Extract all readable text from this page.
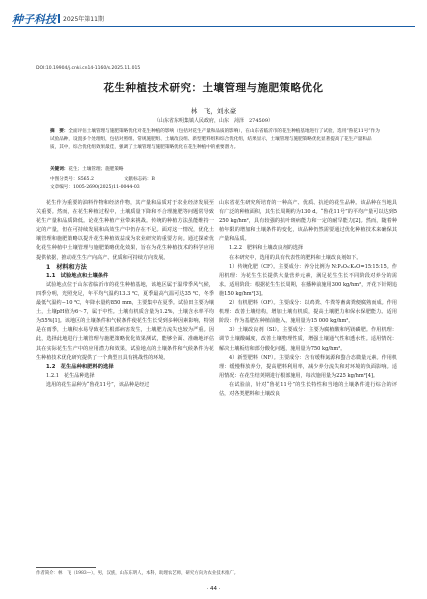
种子科技 2025年第11期
DOI:10.19904/j.cnki.cn14-1160/s.2025.11.015
花生种植技术研究：土壤管理与施肥策略优化
林　飞，刘永豪
（山东省东明集镇人民政府，山东　菏泽　274509）
摘　要：全面评估土壤管理与施肥策略优化对花生种植的影响（包括对花生产量和品质的影响），在山东省临沂市的花生种植基地进行了试验，选用“鲁花11号”作为试验品种，设置多个处理组，包括对照组、常规施肥组、土壤改良组、新型肥料组和综合优化组，结果显示，土壤管理与施肥策略优化显著提高了花生产量和品质，其中，综合优化组效果最佳，强调了土壤管理与施肥策略优化在花生种植中的重要潜力。
关键词：花生；土壤管理；施肥策略
中图分类号：S565.2	文献标志码：B
文章编号：1005-2690(2025)11-0044-03

花生作为重要的油料作物和经济作物，其产量和品质对于农业经济发展至关重要。然而，在花生种植过程中，土壤质量下降和不合理施肥等问题常导致花生产量和品质降低。论花生种植产业带来挑战。传统的种植方法虽能维持一定的产量，但在可持续发展和高效生产中仍存在不足。面对这一情况，优化土壤管理和施肥策略以提升花生种植效益成为农业研究的重要方向。通过探索优化花生种植中土壤管理与施肥策略优化效果，旨在为花生种植技术的科学应用提供依据，推动花生生产向高产、优质和可持续方向发展。

1　材料和方法

1.1　试验地点和土壤条件

试验地点位于山东省临沂市的花生种植基地，该地区属于温带季风气候，四季分明，光照充足，年平均气温约13.3 ℃，夏季最高气温可达35 ℃，冬季最低气温约−10 ℃，年降水量约850 mm，主要集中在夏季。试验田主要为壤土，土壤pH值为6～7，属于中性。土壤有机质含量为1.2%，土壤含水率平均为55%[1]。该地区的土壤条件和气候条件使花生生长受到多种因素影响，特别是在雨季，土壤积水易导致花生根部病害发生，土壤肥力流失也较为严重。因此，选择此地进行土壤管理与施肥策略优化效果测试，能够全面、准确地评估其在实际花生生产中的应用潜力和效果，试验地点的土壤条件和气候条件为花生种植技术优化研究提供了一个典型且具有挑战性的环境。

1.2　花生品种和肥料的选择

1.2.1　花生品种选择

选用的花生品种为“鲁花11号”，该品种是经过

山东省花生研究所培育的一种高产、优质、抗逆的花生品种。该品种在当地具有广泛的种植面积，其生长周期约为130 d。“鲁花11号”的平均产量可以达到5 250 kg/hm²，具有较强的抗叶斑病能力和一定的耐旱能力[2]。然而，随着种植年限的增加和土壤条件的变化，该品种仍然需要通过优化种植技术来确保其产量和品质。

1.2.2　肥料和土壤改良剂的选择

在本研究中，选用的具有代表性的肥料和土壤改良剂如下。

1）传统化肥（CF）。主要成分：养分比例为 N∶P₂O₅∶K₂O=15∶15∶15。作用机理：为花生生长提供大量营养元素，满足花生生长不同阶段对养分的需求。适用阶段：根据花生生长周期，在播种前施用300 kg/hm²，开花下针期追施150 kg/hm²[3]。

2）有机肥料（OF）。主要成分：以鸡粪、牛粪等畜禽粪便腐熟而成。作用机理：改善土壤结构，增加土壤有机质，提高土壤肥力和保水保肥能力。适用阶段：作为基肥在种植前施入，施用量为15 000 kg/hm²。

3）土壤改良剂（SI）。主要成分：主要为腐植酸和钙镁磷肥。作用机理：调节土壤酸碱度，改善土壤物理性质，增强土壤通气性和透水性。适用情况：解决土壤板结和部分酸化问题，施用量为750 kg/hm²。

4）新型肥料（NF）。主要成分：含有缓释氮源和螯合态微量元素。作用机理：缓慢释放养分，提高肥料利用率，减少养分流失和对环境的负面影响。适用情况：在花生结荚期进行根部施用，每次施用量为225 kg/hm²[4]。

在试验前，针对“鲁花11号”的生长特性和当地的土壤条件进行综合的评估，对各类肥料和土壤改良

作者简介：林　飞（1983—），男，汉族，山东东明人，本科，助理农艺师，研究方向为农业技术推广。
· 44 ·
